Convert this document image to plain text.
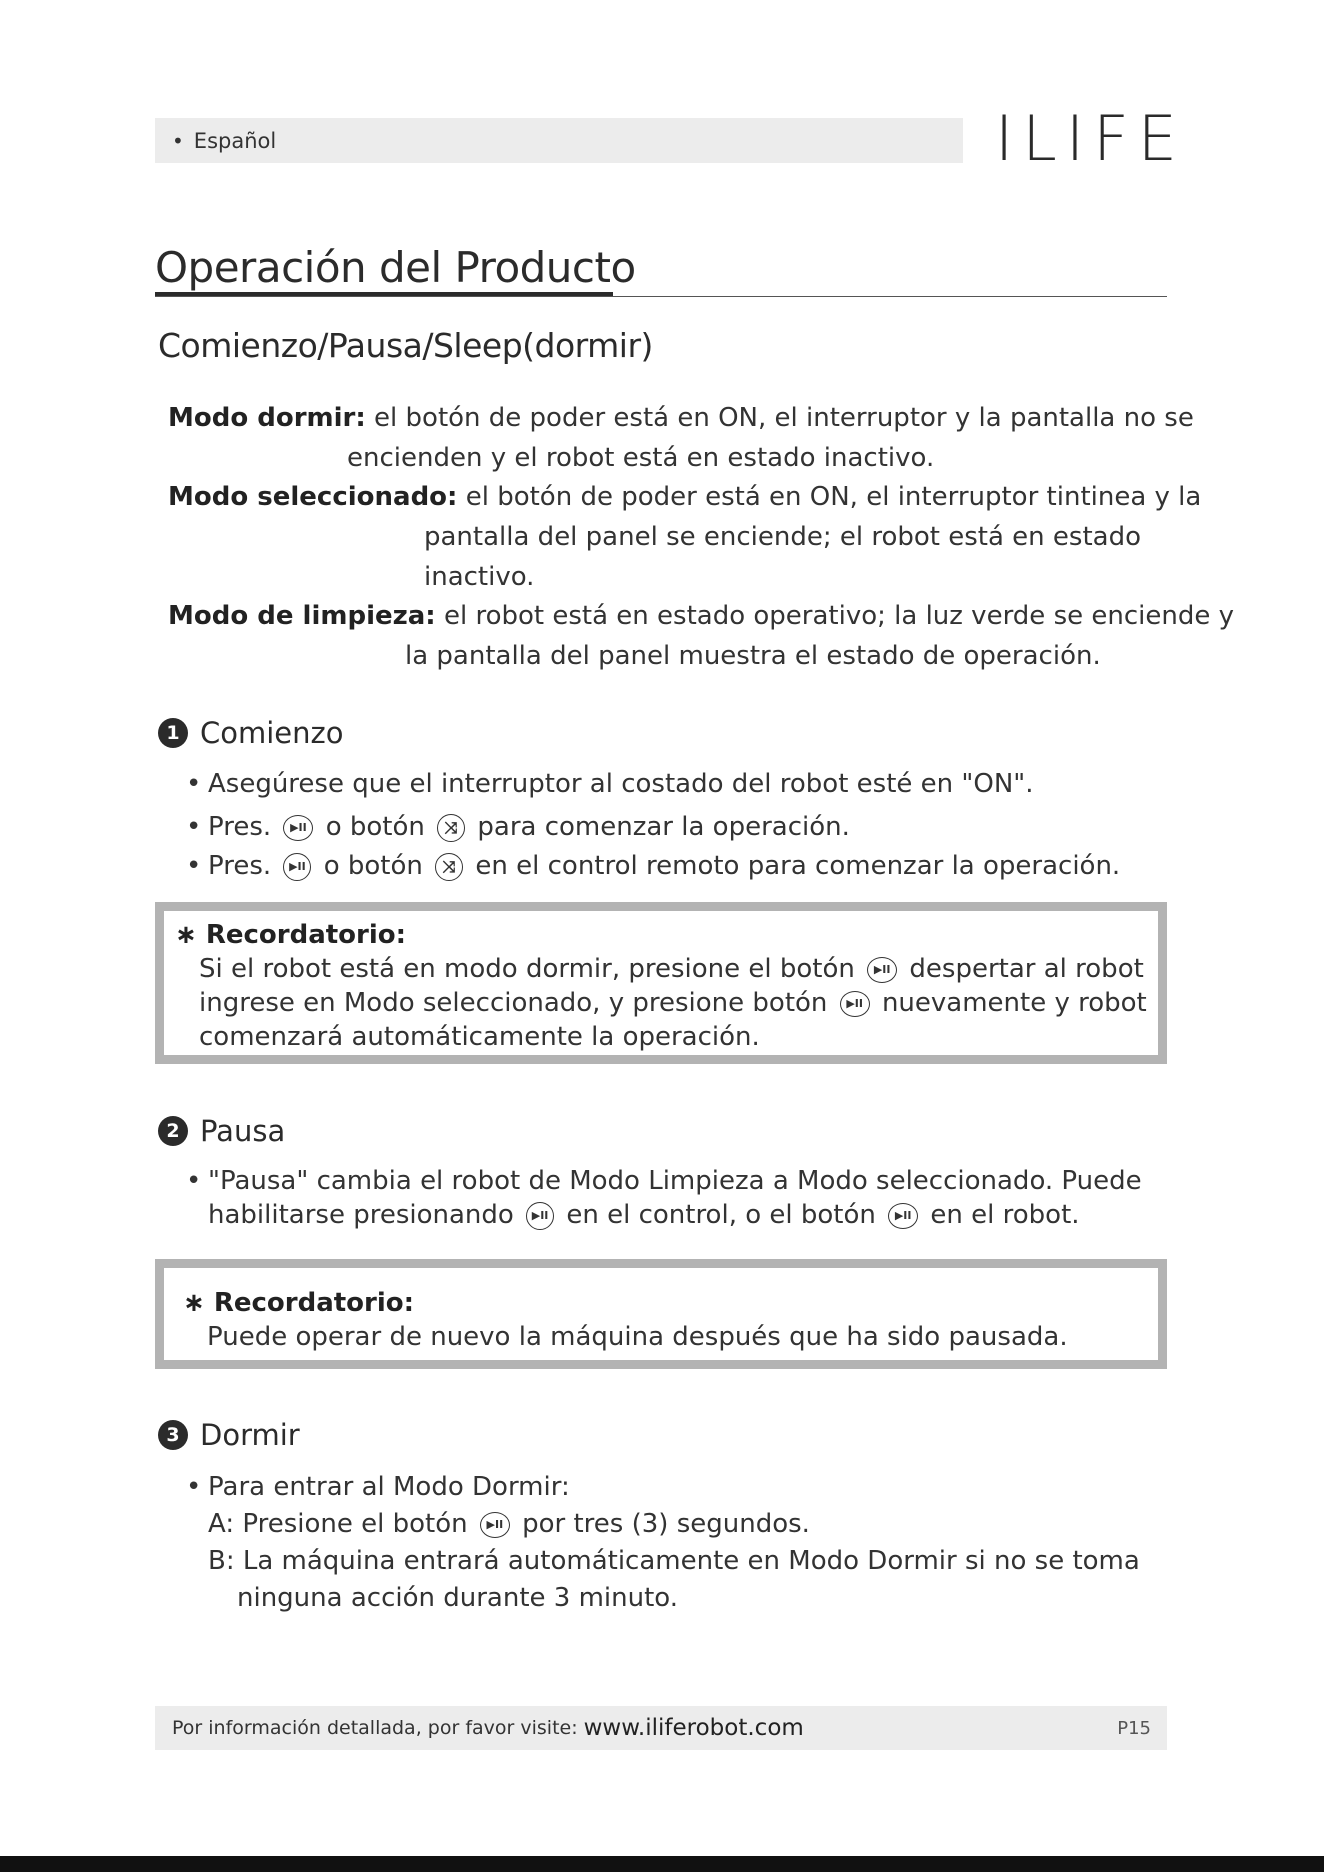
• Español	ILIFE
Operación del Producto
Comienzo/Pausa/Sleep(dormir)
Modo dormir: el botón de poder está en ON, el interruptor y la pantalla no se
encienden y el robot está en estado inactivo.
Modo seleccionado: el botón de poder está en ON, el interruptor tintinea y la
pantalla del panel se enciende; el robot está en estado
inactivo.
Modo de limpieza: el robot está en estado operativo; la luz verde se enciende y
la pantalla del panel muestra el estado de operación.
1 Comienzo
• Asegúrese que el interruptor al costado del robot esté en "ON".
• Pres. ▶II o botón ⤨ para comenzar la operación.
• Pres. ▶II o botón ⤨ en el control remoto para comenzar la operación.
∗ Recordatorio:
Si el robot está en modo dormir, presione el botón ▶II despertar al robot
ingrese en Modo seleccionado, y presione botón ▶II nuevamente y robot
comenzará automáticamente la operación.
2 Pausa
• "Pausa" cambia el robot de Modo Limpieza a Modo seleccionado. Puede
habilitarse presionando ▶II en el control, o el botón ▶II en el robot.
∗ Recordatorio:
Puede operar de nuevo la máquina después que ha sido pausada.
3 Dormir
• Para entrar al Modo Dormir:
A: Presione el botón ▶II por tres (3) segundos.
B: La máquina entrará automáticamente en Modo Dormir si no se toma
ninguna acción durante 3 minuto.
Por información detallada, por favor visite: www.iliferobot.com	P15
